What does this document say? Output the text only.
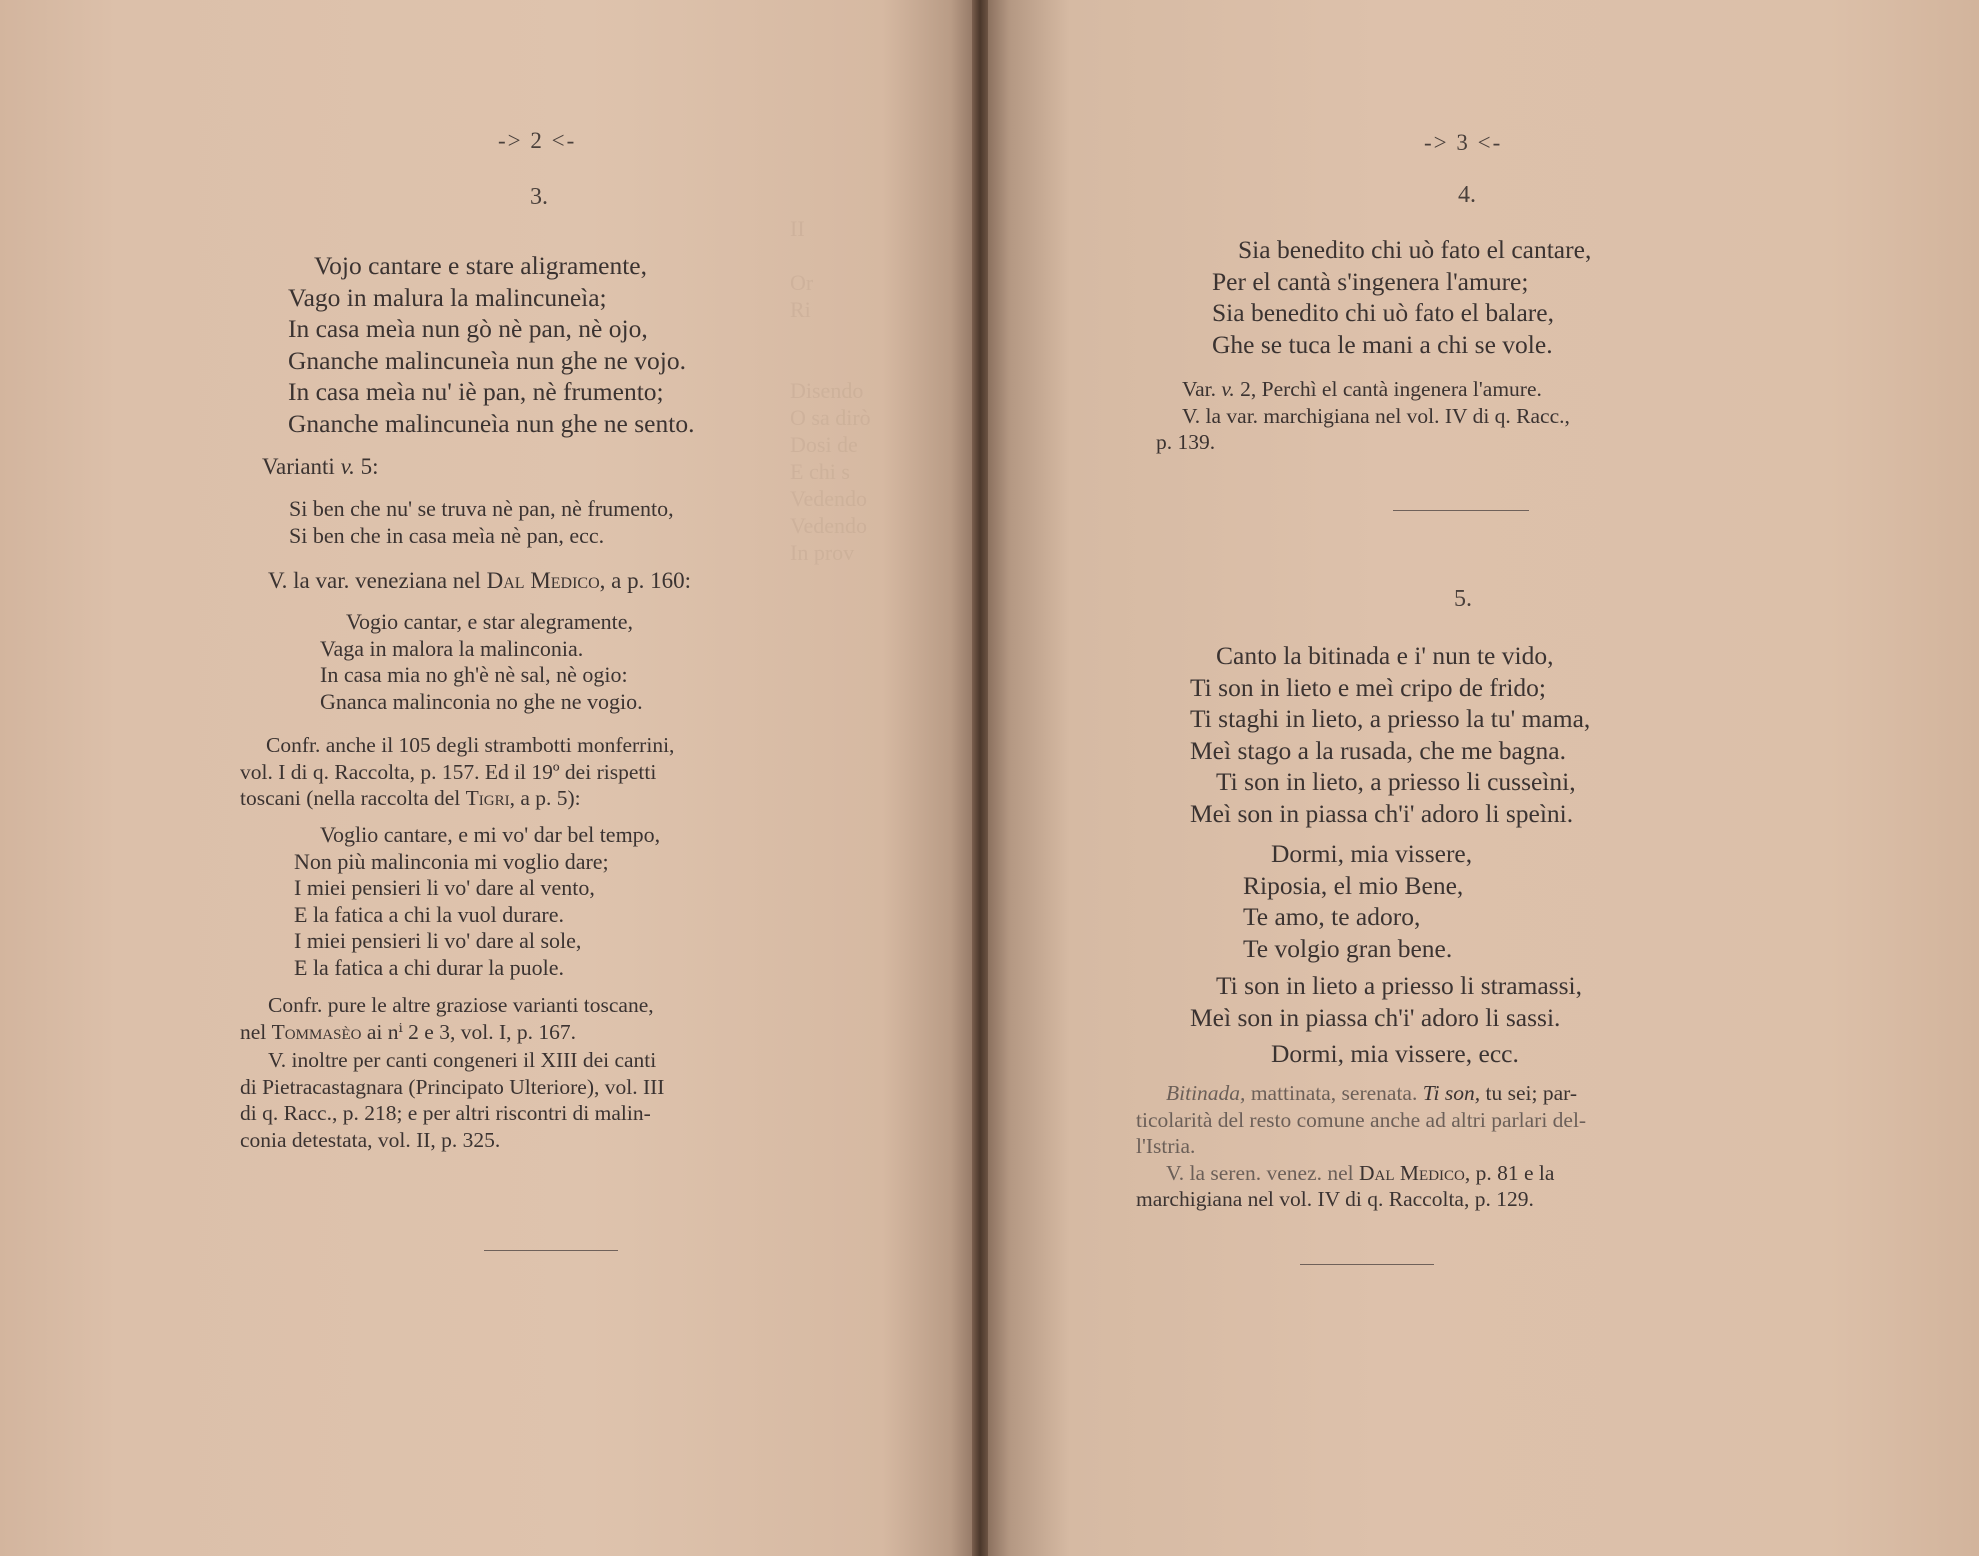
II

Or
Ri

Disendo
O sa dirò
Dosi de
E chi s
Vedendo
Vedendo
In prov
-> 2 <-
3.
Vojo cantare e stare aligramente,
Vago in malura la malincuneìa;
In casa meìa nun gò nè pan, nè ojo,
Gnanche malincuneìa nun ghe ne vojo.
In casa meìa nu' iè pan, nè frumento;
Gnanche malincuneìa nun ghe ne sento.
Varianti v. 5:
Si ben che nu' se truva nè pan, nè frumento,
Si ben che in casa meìa nè pan, ecc.
V. la var. veneziana nel Dal Medico, a p. 160:
Vogio cantar, e star alegramente,
Vaga in malora la malinconia.
In casa mia no gh'è nè sal, nè ogio:
Gnanca malinconia no ghe ne vogio.
Confr. anche il 105 degli strambotti monferrini,
vol. I di q. Raccolta, p. 157. Ed il 19º dei rispetti
toscani (nella raccolta del Tigri, a p. 5):
Voglio cantare, e mi vo' dar bel tempo,
Non più malinconia mi voglio dare;
I miei pensieri li vo' dare al vento,
E la fatica a chi la vuol durare.
I miei pensieri li vo' dare al sole,
E la fatica a chi durar la puole.
Confr. pure le altre graziose varianti toscane,
nel Tommasèo ai nⁱ 2 e 3, vol. I, p. 167.
V. inoltre per canti congeneri il XIII dei canti
di Pietracastagnara (Principato Ulteriore), vol. III
di q. Racc., p. 218; e per altri riscontri di malin-
conia detestata, vol. II, p. 325.
-> 3 <-
4.
Sia benedito chi uò fato el cantare,
Per el cantà s'ingenera l'amure;
Sia benedito chi uò fato el balare,
Ghe se tuca le mani a chi se vole.
Var. v. 2, Perchì el cantà ingenera l'amure.
V. la var. marchigiana nel vol. IV di q. Racc.,
p. 139.
5.
Canto la bitinada e i' nun te vido,
Ti son in lieto e meì cripo de frido;
Ti staghi in lieto, a priesso la tu' mama,
Meì stago a la rusada, che me bagna.
Ti son in lieto, a priesso li cusseìni,
Meì son in piassa ch'i' adoro li speìni.
Dormi, mia vissere,
Riposia, el mio Bene,
Te amo, te adoro,
Te volgio gran bene.
Ti son in lieto a priesso li stramassi,
Meì son in piassa ch'i' adoro li sassi.
Dormi, mia vissere, ecc.
Bitinada, mattinata, serenata. Ti son, tu sei; par-
ticolarità del resto comune anche ad altri parlari del-
l'Istria.
V. la seren. venez. nel Dal Medico, p. 81 e la
marchigiana nel vol. IV di q. Raccolta, p. 129.
